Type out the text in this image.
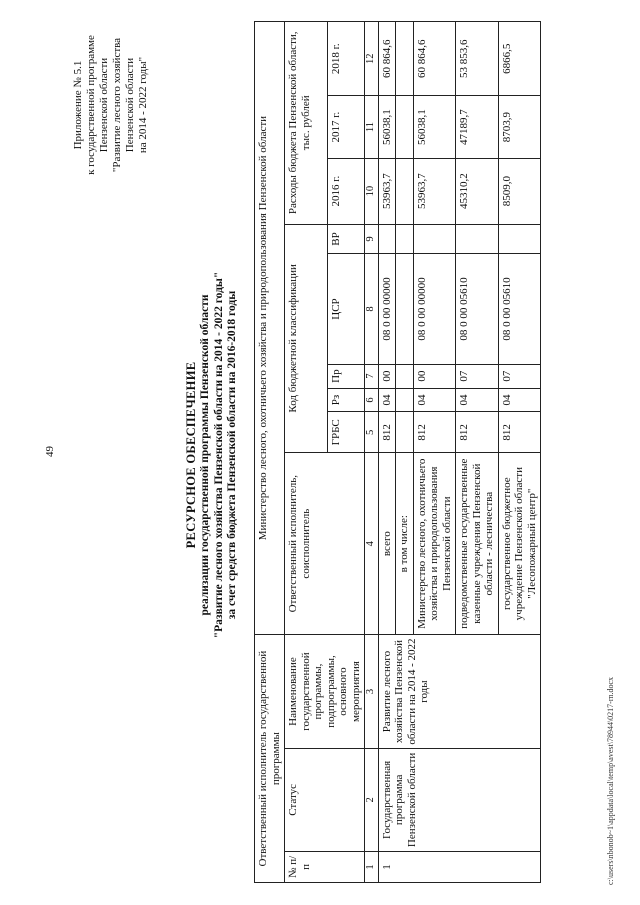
49
Приложение № 5.1 к государственной программе Пензенской области "Развитие лесного хозяйства Пензенской области на 2014 - 2022 годы"
РЕСУРСНОЕ ОБЕСПЕЧЕНИЕ реализации государственной программы Пензенской области "Развитие лесного хозяйства Пензенской области на 2014 - 2022 годы" за счет средств бюджета Пензенской области на 2016-2018 годы
Ответственный исполнитель государственной программы			Министерство лесного, охотничьего хозяйства и природопользования Пензенской области								
№ п/п	Статус	Наименование государственной программы, подпрограммы, основного мероприятия	Ответственный исполнитель, соисполнитель	Код бюджетной классификации					Расходы бюджета Пензенской области, тыс. рублей		
				ГРБС	Рз	Пр	ЦСР	ВР	2016 г.	2017 г.	2018 г.
1	2	3	4	5	6	7	8	9	10	11	12
1	Государственная программа Пензенской области	Развитие лесного хозяйства Пензенской области на 2014 - 2022 годы	всего	812	04	00	08 0 00 00000		53963,7	56038,1	60 864,6
			в том числе:								
			Министерство лесного, охотничьего хозяйства и природопользования Пензенской области	812	04	00	08 0 00 00000		53963,7	56038,1	60 864,6
			подведомственные государственные казенные учреждения Пензенской области - лесничества	812	04	07	08 0 00 05610		45310,2	47189,7	53 853,6
			государственное бюджетное учреждение Пензенской области "Лесопожарный центр"	812	04	07	08 0 00 05610		8509,0	8703,9	6866,5
c:\users\nbonob~1\appdata\local\temp\avest\78944\0217-rn.docx
